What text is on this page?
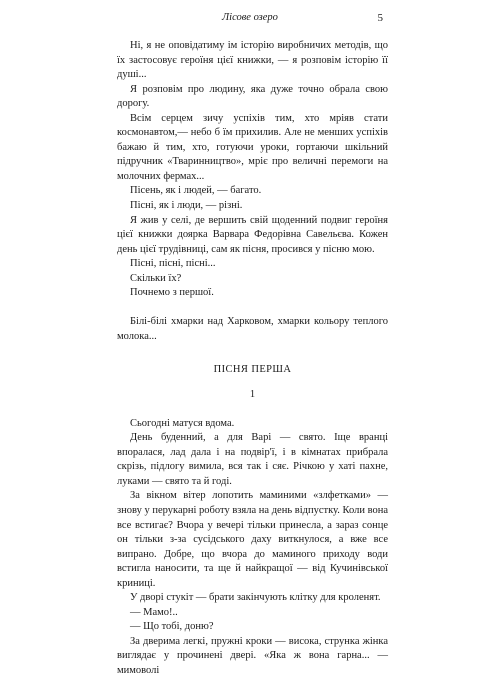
Лісове озеро	5

Ні, я не оповідатиму ім історію виробничих методів, що їх застосовує героїня цієї книжки, — я розповім історію її душі...

Я розповім про людину, яка дуже точно обрала свою дорогу.

Всім серцем зичу успіхів тим, хто мріяв стати космонавтом,— небо б їм прихилив. Але не менших успіхів бажаю й тим, хто, готуючи уроки, гортаючи шкільний підручник «Тваринництво», мріє про величні перемоги на молочних фермах...

Пісень, як і людей, — багато.

Пісні, як і люди, — різні.

Я жив у селі, де вершить свій щоденний подвиг героїня цієї книжки доярка Варвара Федорівна Савельєва. Кожен день цієї трудівниці, сам як пісня, просився у пісню мою.

Пісні, пісні, пісні...

Скільки їх?

Почнемо з першої.

Білі-білі хмарки над Харковом, хмарки кольору теплого молока...

ПІСНЯ ПЕРША
1

Сьогодні матуся вдома.

День буденний, а для Варі — свято. Іще вранці впоралася, лад дала і на подвір'ї, і в кімнатах прибрала скрізь, підлогу вимила, вся так і сяє. Річкою у хаті пахне, луками — свято та й годі.

За вікном вітер лопотить маминими «злфетками» — знову у перукарні роботу взяла на день відпустку. Коли вона все встигає? Вчора у вечері тільки принесла, а зараз сонце он тільки з-за сусідського даху виткнулося, а вже все випрано. Добре, що вчора до маминого приходу води встигла наносити, та ще й найкращої — від Кучинівської криниці.

У дворі стукіт — брати закінчують клітку для кроленят.

— Мамо!..

— Що тобі, доню?

За дверима легкі, пружні кроки — висока, струнка жінка виглядає у прочинені двері. «Яка ж вона гарна... — мимоволі
